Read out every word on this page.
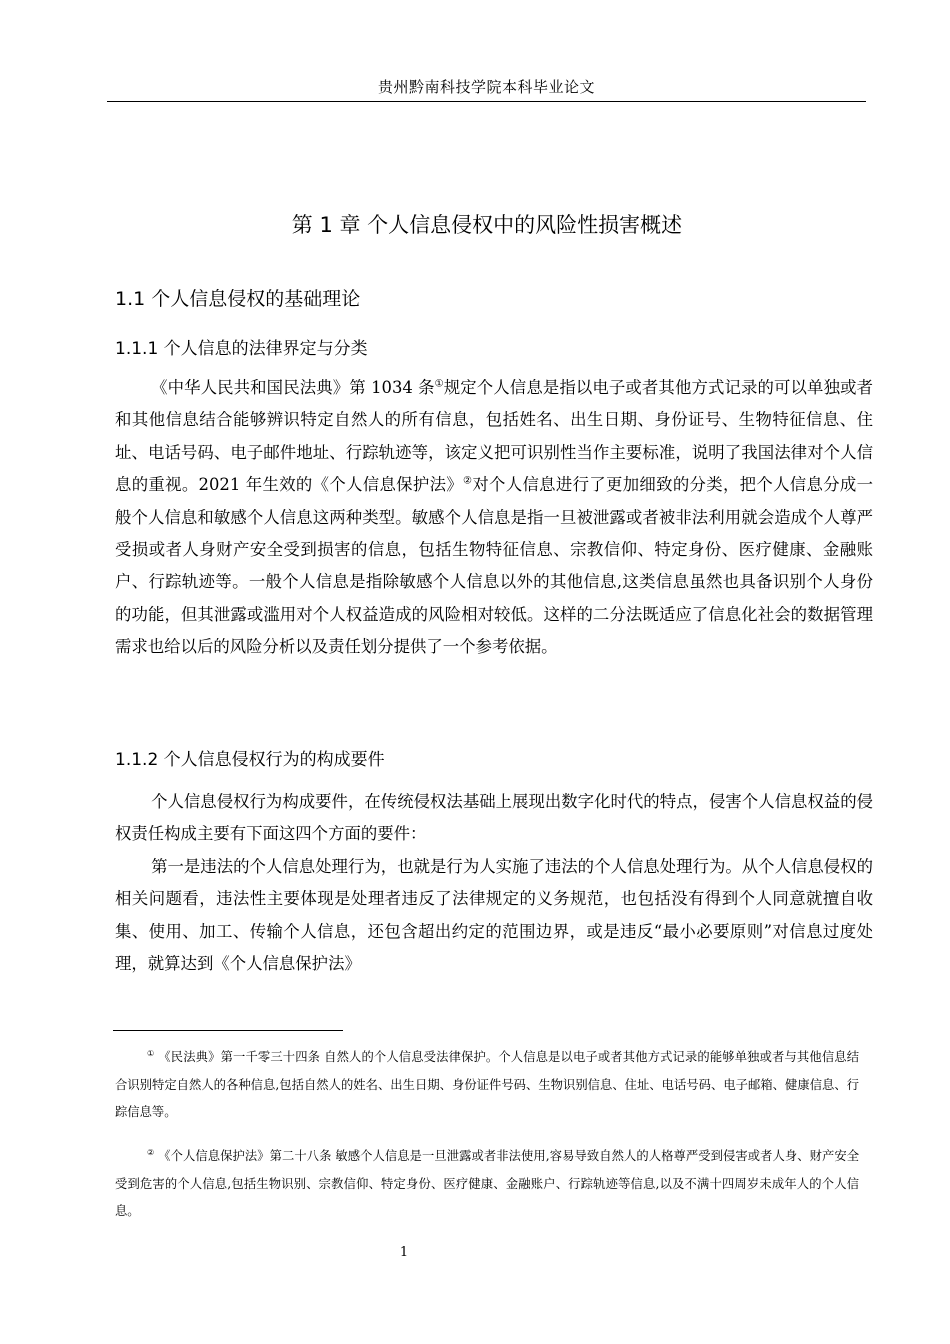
贵州黔南科技学院本科毕业论文
第 1 章 个人信息侵权中的风险性损害概述
1.1 个人信息侵权的基础理论
1.1.1 个人信息的法律界定与分类

《中华人民共和国民法典》第 1034 条①规定个人信息是指以电子或者其他方式记录的可以单独或者和其他信息结合能够辨识特定自然人的所有信息，包括姓名、出生日期、身份证号、生物特征信息、住址、电话号码、电子邮件地址、行踪轨迹等，该定义把可识别性当作主要标准，说明了我国法律对个人信息的重视。2021 年生效的《个人信息保护法》②对个人信息进行了更加细致的分类，把个人信息分成一般个人信息和敏感个人信息这两种类型。敏感个人信息是指一旦被泄露或者被非法利用就会造成个人尊严受损或者人身财产安全受到损害的信息，包括生物特征信息、宗教信仰、特定身份、医疗健康、金融账户、行踪轨迹等。一般个人信息是指除敏感个人信息以外的其他信息,这类信息虽然也具备识别个人身份的功能，但其泄露或滥用对个人权益造成的风险相对较低。这样的二分法既适应了信息化社会的数据管理需求也给以后的风险分析以及责任划分提供了一个参考依据。

1.1.2 个人信息侵权行为的构成要件

个人信息侵权行为构成要件，在传统侵权法基础上展现出数字化时代的特点，侵害个人信息权益的侵权责任构成主要有下面这四个方面的要件：

第一是违法的个人信息处理行为，也就是行为人实施了违法的个人信息处理行为。从个人信息侵权的相关问题看，违法性主要体现是处理者违反了法律规定的义务规范，也包括没有得到个人同意就擅自收集、使用、加工、传输个人信息，还包含超出约定的范围边界，或是违反“最小必要原则”对信息过度处理，就算达到《个人信息保护法》

① 《民法典》第一千零三十四条 自然人的个人信息受法律保护。个人信息是以电子或者其他方式记录的能够单独或者与其他信息结合识别特定自然人的各种信息,包括自然人的姓名、出生日期、身份证件号码、生物识别信息、住址、电话号码、电子邮箱、健康信息、行踪信息等。

② 《个人信息保护法》第二十八条 敏感个人信息是一旦泄露或者非法使用,容易导致自然人的人格尊严受到侵害或者人身、财产安全受到危害的个人信息,包括生物识别、宗教信仰、特定身份、医疗健康、金融账户、行踪轨迹等信息,以及不满十四周岁未成年人的个人信息。

1
